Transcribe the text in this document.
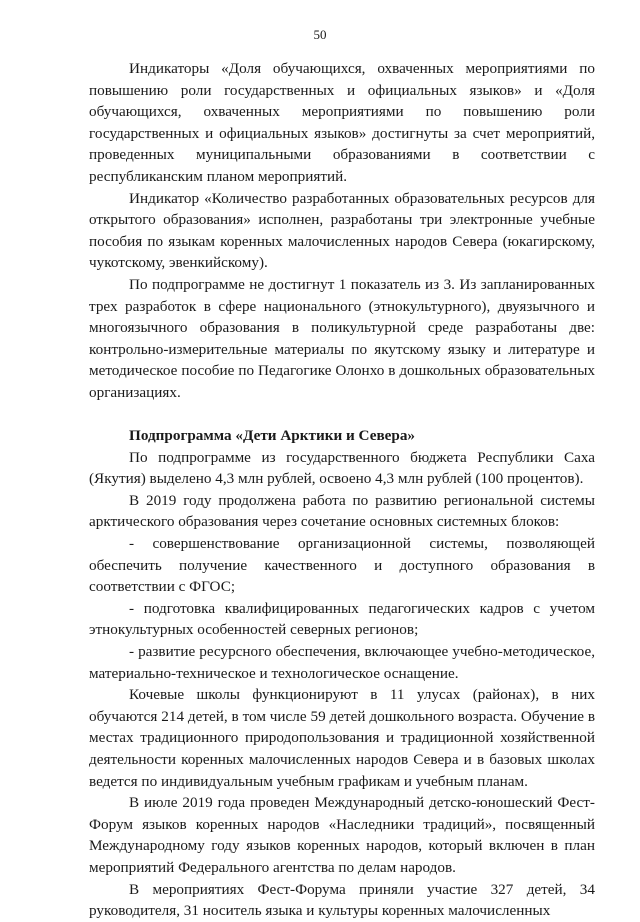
50

Индикаторы «Доля обучающихся, охваченных мероприятиями по повышению роли государственных и официальных языков» и «Доля обучающихся, охваченных мероприятиями по повышению роли государственных и официальных языков» достигнуты за счет мероприятий, проведенных муниципальными образованиями в соответствии с республиканским планом мероприятий.

Индикатор «Количество разработанных образовательных ресурсов для открытого образования» исполнен, разработаны три электронные учебные пособия по языкам коренных малочисленных народов Севера (юкагирскому, чукотскому, эвенкийскому).

По подпрограмме не достигнут 1 показатель из 3. Из запланированных трех разработок в сфере национального (этнокультурного), двуязычного и многоязычного образования в поликультурной среде разработаны две: контрольно-измерительные материалы по якутскому языку и литературе и методическое пособие по Педагогике Олонхо в дошкольных образовательных организациях.

Подпрограмма «Дети Арктики и Севера»

По подпрограмме из государственного бюджета Республики Саха (Якутия) выделено 4,3 млн рублей, освоено 4,3 млн рублей (100 процентов).

В 2019 году продолжена работа по развитию региональной системы арктического образования через сочетание основных системных блоков:

- совершенствование организационной системы, позволяющей обеспечить получение качественного и доступного образования в соответствии с ФГОС;

- подготовка квалифицированных педагогических кадров с учетом этнокультурных особенностей северных регионов;

- развитие ресурсного обеспечения, включающее учебно-методическое, материально-техническое и технологическое оснащение.

Кочевые школы функционируют в 11 улусах (районах), в них обучаются 214 детей, в том числе 59 детей дошкольного возраста. Обучение в местах традиционного природопользования и традиционной хозяйственной деятельности коренных малочисленных народов Севера и в базовых школах ведется по индивидуальным учебным графикам и учебным планам.

В июле 2019 года проведен Международный детско-юношеский Фест-Форум языков коренных народов «Наследники традиций», посвященный Международному году языков коренных народов, который включен в план мероприятий Федерального агентства по делам народов.

В мероприятиях Фест-Форума приняли участие 327 детей, 34 руководителя, 31 носитель языка и культуры коренных малочисленных
